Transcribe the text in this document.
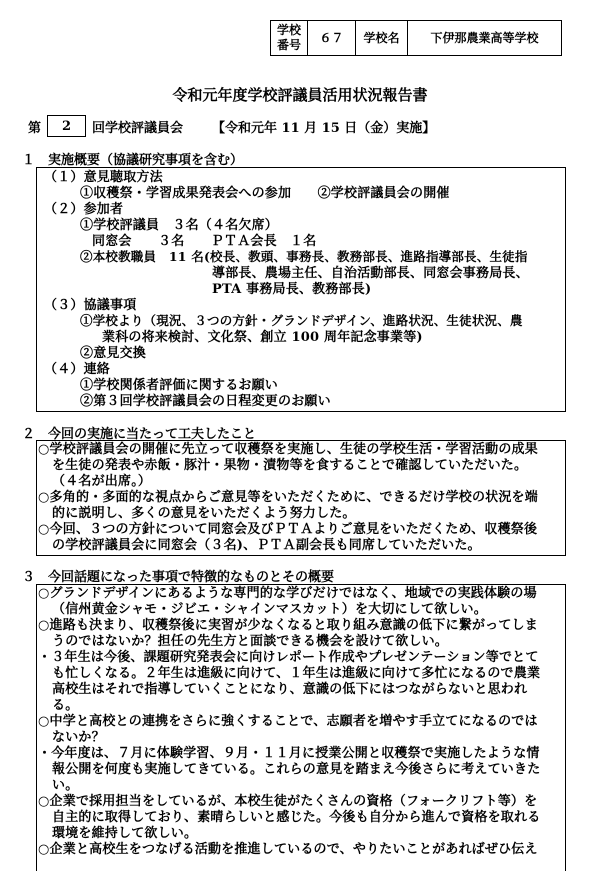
学校
番号	６７	学校名	下伊那農業高等学校
令和元年度学校評議員活用状況報告書
第 2 回学校評議員会 【令和元年 11 月 15 日（金）実施】
１　実施概要（協議研究事項を含む）
（１）意見聴取方法
①収穫祭・学習成果発表会への参加　　②学校評議員会の開催
（２）参加者
①学校評議員　３名（４名欠席）
同窓会　　３名　　ＰＴＡ会長　１名
②本校教職員　11 名(校長、教頭、事務長、教務部長、進路指導部長、生徒指
導部長、農場主任、自治活動部長、同窓会事務局長、
PTA 事務局長、教務部長)
（３）協議事項
①学校より（現況、３つの方針・グランドデザイン、進路状況、生徒状況、農
業科の将来検討、文化祭、創立 100 周年記念事業等)
②意見交換
（４）連絡
①学校関係者評価に関するお願い
②第３回学校評議員会の日程変更のお願い
２　今回の実施に当たって工夫したこと
○学校評議員会の開催に先立って収穫祭を実施し、生徒の学校生活・学習活動の成果
を生徒の発表や赤飯・豚汁・果物・漬物等を食することで確認していただいた。
（４名が出席。）
○多角的・多面的な視点からご意見等をいただくために、できるだけ学校の状況を端
的に説明し、多くの意見をいただくよう努力した。
○今回、３つの方針について同窓会及びＰＴＡよりご意見をいただくため、収穫祭後
の学校評議員会に同窓会（３名)、ＰＴＡ副会長も同席していただいた。
３　今回話題になった事項で特徴的なものとその概要
○グランドデザインにあるような専門的な学びだけではなく、地域での実践体験の場
（信州黄金シャモ・ジビエ・シャインマスカット）を大切にして欲しい。
○進路も決まり、収穫祭後に実習が少なくなると取り組み意識の低下に繋がってしま
うのではないか？担任の先生方と面談できる機会を設けて欲しい。
・３年生は今後、課題研究発表会に向けレポート作成やプレゼンテーション等でとて
も忙しくなる。２年生は進級に向けて、１年生は進級に向けて多忙になるので農業
高校生はそれで指導していくことになり、意識の低下にはつながらないと思われ
る。
○中学と高校との連携をさらに強くすることで、志願者を増やす手立てになるのでは
ないか？
・今年度は、７月に体験学習、９月・１１月に授業公開と収穫祭で実施したような情
報公開を何度も実施してきている。これらの意見を踏まえ今後さらに考えていきた
い。
○企業で採用担当をしているが、本校生徒がたくさんの資格（フォークリフト等）を
自主的に取得しており、素晴らしいと感じた。今後も自分から進んで資格を取れる
環境を維持して欲しい。
○企業と高校生をつなげる活動を推進しているので、やりたいことがあればぜひ伝え
